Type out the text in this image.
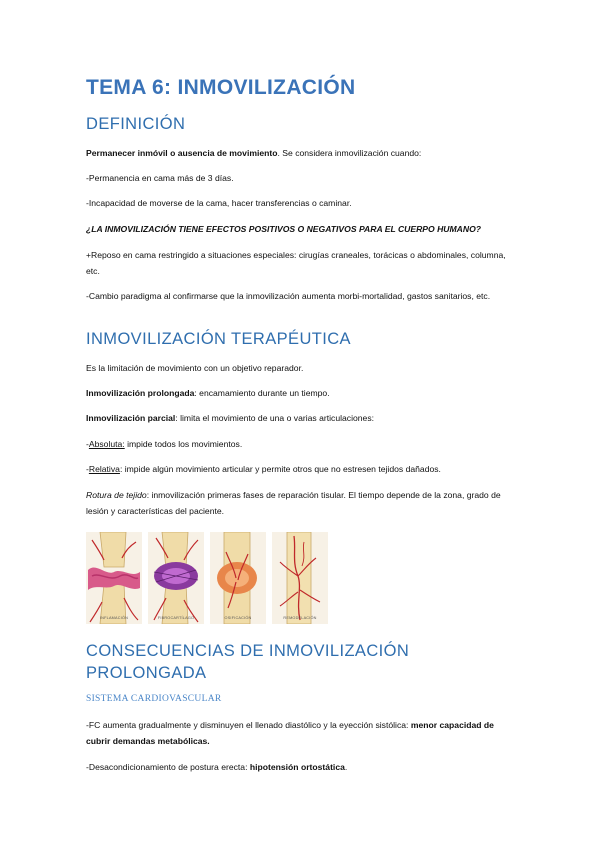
TEMA 6: INMOVILIZACIÓN
DEFINICIÓN

Permanecer inmóvil o ausencia de movimiento. Se considera inmovilización cuando:

-Permanencia en cama más de 3 días.

-Incapacidad de moverse de la cama, hacer transferencias o caminar.

¿LA INMOVILIZACIÓN TIENE EFECTOS POSITIVOS O NEGATIVOS PARA EL CUERPO HUMANO?

+Reposo en cama restringido a situaciones especiales: cirugías craneales, torácicas o abdominales, columna, etc.

-Cambio paradigma al confirmarse que la inmovilización aumenta morbi-mortalidad, gastos sanitarios, etc.

INMOVILIZACIÓN TERAPÉUTICA

Es la limitación de movimiento con un objetivo reparador.

Inmovilización prolongada: encamamiento durante un tiempo.

Inmovilización parcial: limita el movimiento de una o varias articulaciones:

-Absoluta: impide todos los movimientos.

-Relativa: impide algún movimiento articular y permite otros que no estresen tejidos dañados.

Rotura de tejido: inmovilización primeras fases de reparación tisular. El tiempo depende de la zona, grado de lesión y características del paciente.

INFLAMACIÓN	FIBROCARTÍLAGO	OSIFICACIÓN	REMODELACIÓN
CONSECUENCIAS DE INMOVILIZACIÓN PROLONGADA
SISTEMA CARDIOVASCULAR

-FC aumenta gradualmente y disminuyen el llenado diastólico y la eyección sistólica: menor capacidad de cubrir demandas metabólicas.

-Desacondicionamiento de postura erecta: hipotensión ortostática.
